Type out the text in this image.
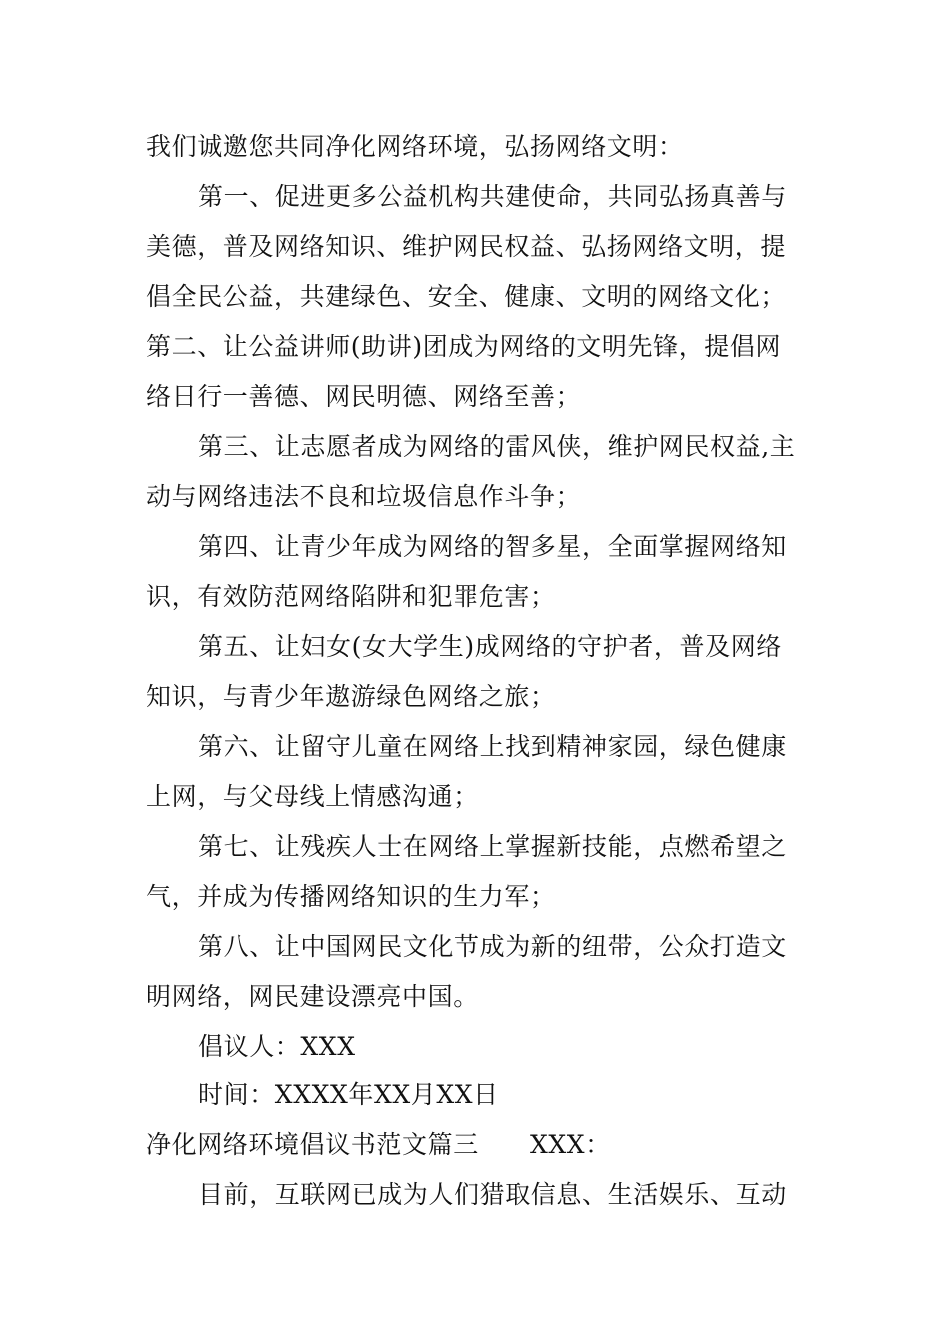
我们诚邀您共同净化网络环境，弘扬网络文明：
第一、促进更多公益机构共建使命，共同弘扬真善与
美德，普及网络知识、维护网民权益、弘扬网络文明，提
倡全民公益，共建绿色、安全、健康、文明的网络文化；
第二、让公益讲师(助讲)团成为网络的文明先锋，提倡网
络日行一善德、网民明德、网络至善；
第三、让志愿者成为网络的雷风侠，维护网民权益,主
动与网络违法不良和垃圾信息作斗争；
第四、让青少年成为网络的智多星，全面掌握网络知
识，有效防范网络陷阱和犯罪危害；
第五、让妇女(女大学生)成网络的守护者，普及网络
知识，与青少年遨游绿色网络之旅；
第六、让留守儿童在网络上找到精神家园，绿色健康
上网，与父母线上情感沟通；
第七、让残疾人士在网络上掌握新技能，点燃希望之
气，并成为传播网络知识的生力军；
第八、让中国网民文化节成为新的纽带，公众打造文
明网络，网民建设漂亮中国。
倡议人：XXX
时间：XXXX年XX月XX日
净化网络环境倡议书范文篇三　　XXX：
目前，互联网已成为人们猎取信息、生活娱乐、互动
